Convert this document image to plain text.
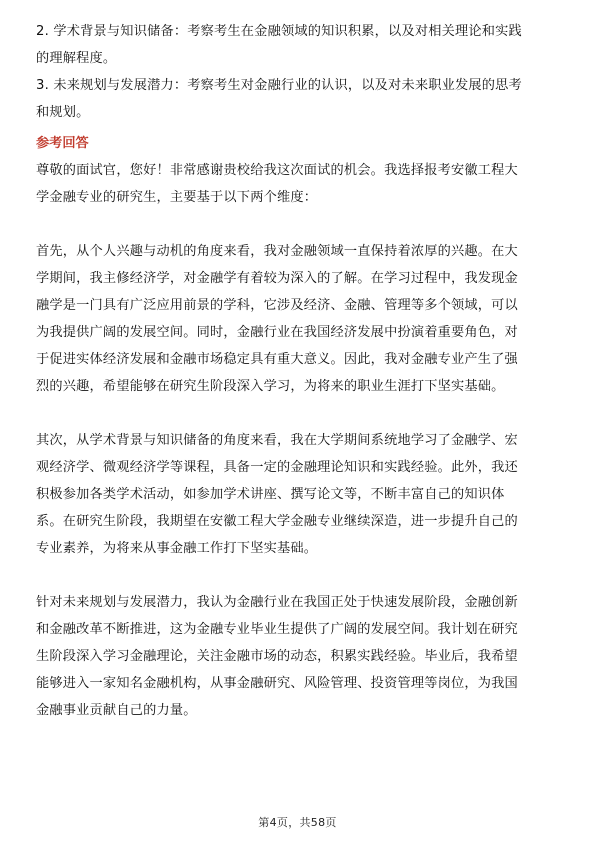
2. 学术背景与知识储备：考察考生在金融领域的知识积累，以及对相关理论和实践
的理解程度。
3. 未来规划与发展潜力：考察考生对金融行业的认识，以及对未来职业发展的思考
和规划。
参考回答
尊敬的面试官，您好！非常感谢贵校给我这次面试的机会。我选择报考安徽工程大
学金融专业的研究生，主要基于以下两个维度：
首先，从个人兴趣与动机的角度来看，我对金融领域一直保持着浓厚的兴趣。在大
学期间，我主修经济学，对金融学有着较为深入的了解。在学习过程中，我发现金
融学是一门具有广泛应用前景的学科，它涉及经济、金融、管理等多个领域，可以
为我提供广阔的发展空间。同时，金融行业在我国经济发展中扮演着重要角色，对
于促进实体经济发展和金融市场稳定具有重大意义。因此，我对金融专业产生了强
烈的兴趣，希望能够在研究生阶段深入学习，为将来的职业生涯打下坚实基础。
其次，从学术背景与知识储备的角度来看，我在大学期间系统地学习了金融学、宏
观经济学、微观经济学等课程，具备一定的金融理论知识和实践经验。此外，我还
积极参加各类学术活动，如参加学术讲座、撰写论文等，不断丰富自己的知识体
系。在研究生阶段，我期望在安徽工程大学金融专业继续深造，进一步提升自己的
专业素养，为将来从事金融工作打下坚实基础。
针对未来规划与发展潜力，我认为金融行业在我国正处于快速发展阶段，金融创新
和金融改革不断推进，这为金融专业毕业生提供了广阔的发展空间。我计划在研究
生阶段深入学习金融理论，关注金融市场的动态，积累实践经验。毕业后，我希望
能够进入一家知名金融机构，从事金融研究、风险管理、投资管理等岗位，为我国
金融事业贡献自己的力量。
第4页，共58页
